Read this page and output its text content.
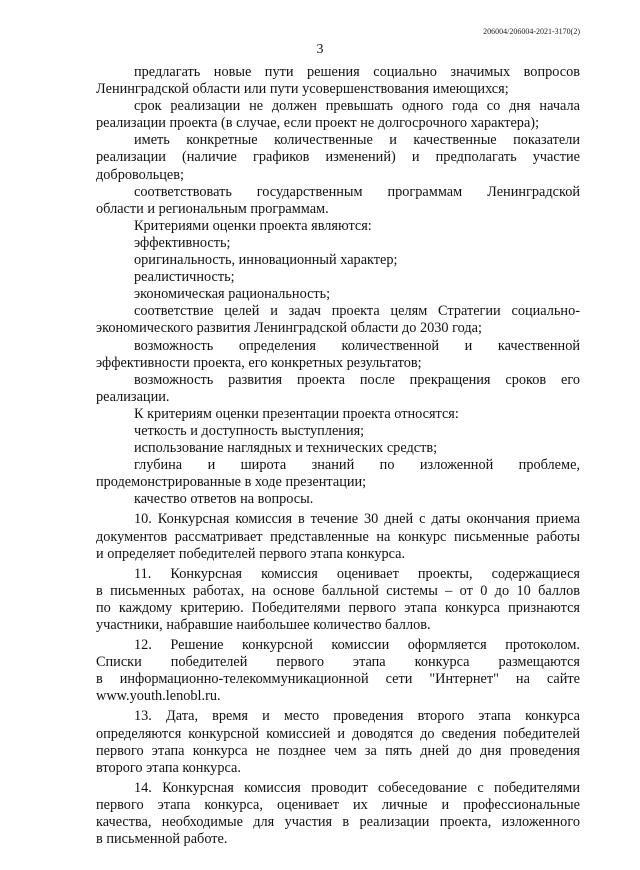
206004/206004-2021-3170(2)
3

предлагать новые пути решения социально значимых вопросов

Ленинградской области или пути усовершенствования имеющихся;

срок реализации не должен превышать одного года со дня начала

реализации проекта (в случае, если проект не долгосрочного характера);

иметь конкретные количественные и качественные показатели

реализации (наличие графиков изменений) и предполагать участие

добровольцев;

соответствовать государственным программам Ленинградской

области и региональным программам.

Критериями оценки проекта являются:

эффективность;

оригинальность, инновационный характер;

реалистичность;

экономическая рациональность;

соответствие целей и задач проекта целям Стратегии социально-

экономического развития Ленинградской области до 2030 года;

возможность определения количественной и качественной

эффективности проекта, его конкретных результатов;

возможность развития проекта после прекращения сроков его

реализации.

К критериям оценки презентации проекта относятся:

четкость и доступность выступления;

использование наглядных и технических средств;

глубина и широта знаний по изложенной проблеме,

продемонстрированные в ходе презентации;

качество ответов на вопросы.

10. Конкурсная комиссия в течение 30 дней с даты окончания приема

документов рассматривает представленные на конкурс письменные работы

и определяет победителей первого этапа конкурса.

11. Конкурсная комиссия оценивает проекты, содержащиеся

в письменных работах, на основе балльной системы – от 0 до 10 баллов

по каждому критерию. Победителями первого этапа конкурса признаются

участники, набравшие наибольшее количество баллов.

12. Решение конкурсной комиссии оформляется протоколом.

Списки победителей первого этапа конкурса размещаются

в информационно-телекоммуникационной сети "Интернет" на сайте

www.youth.lenobl.ru.

13. Дата, время и место проведения второго этапа конкурса

определяются конкурсной комиссией и доводятся до сведения победителей

первого этапа конкурса не позднее чем за пять дней до дня проведения

второго этапа конкурса.

14. Конкурсная комиссия проводит собеседование с победителями

первого этапа конкурса, оценивает их личные и профессиональные

качества, необходимые для участия в реализации проекта, изложенного

в письменной работе.
